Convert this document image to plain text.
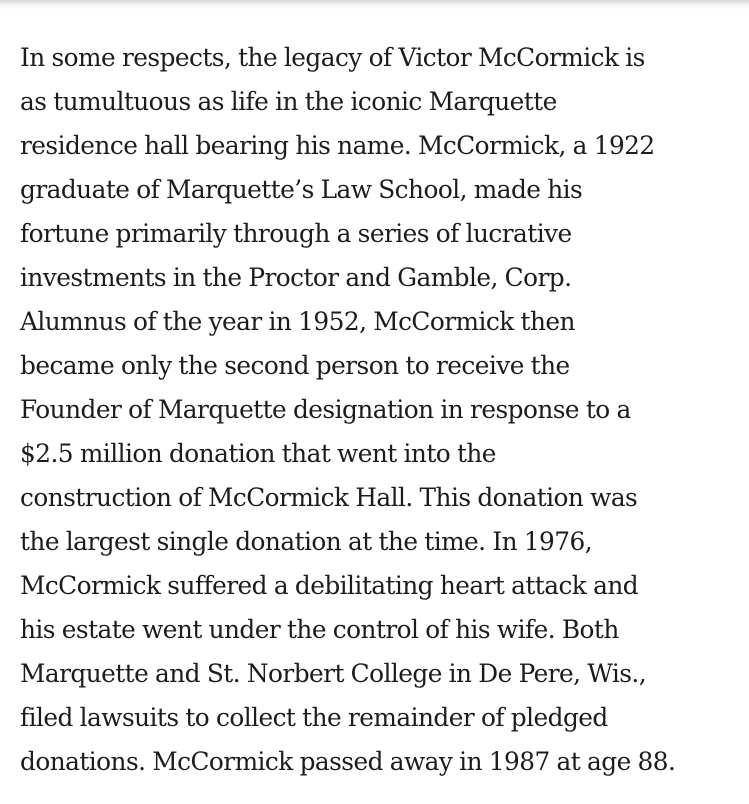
In some respects, the legacy of Victor McCormick is
as tumultuous as life in the iconic Marquette
residence hall bearing his name. McCormick, a 1922
graduate of Marquette’s Law School, made his
fortune primarily through a series of lucrative
investments in the Proctor and Gamble, Corp.
Alumnus of the year in 1952, McCormick then
became only the second person to receive the
Founder of Marquette designation in response to a
$2.5 million donation that went into the
construction of McCormick Hall. This donation was
the largest single donation at the time. In 1976,
McCormick suffered a debilitating heart attack and
his estate went under the control of his wife. Both
Marquette and St. Norbert College in De Pere, Wis.,
filed lawsuits to collect the remainder of pledged
donations. McCormick passed away in 1987 at age 88.
